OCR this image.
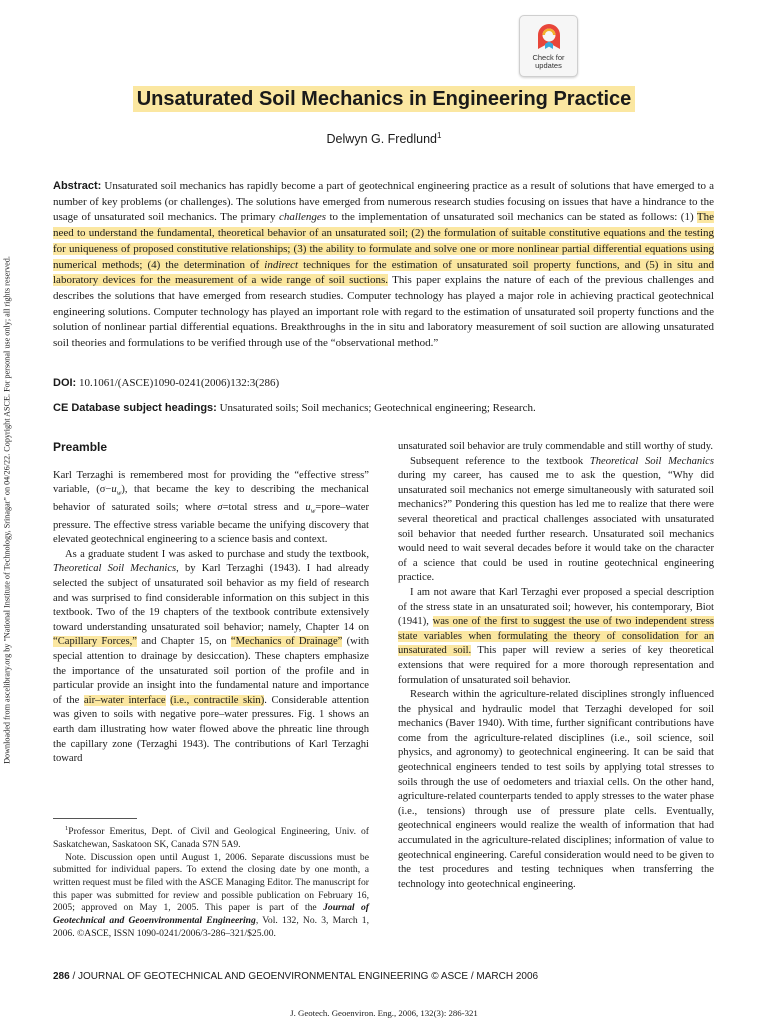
Check for
updates
Downloaded from ascelibrary.org by "National Institute of Technology, Srinagar" on 04/26/22. Copyright ASCE. For personal use only; all rights reserved.
Unsaturated Soil Mechanics in Engineering Practice
Delwyn G. Fredlund$^1$
Abstract: Unsaturated soil mechanics has rapidly become a part of geotechnical engineering practice as a result of solutions that have emerged to a number of key problems (or challenges). The solutions have emerged from numerous research studies focusing on issues that have a hindrance to the usage of unsaturated soil mechanics. The primary challenges to the implementation of unsaturated soil mechanics can be stated as follows: (1) The need to understand the fundamental, theoretical behavior of an unsaturated soil; (2) the formulation of suitable constitutive equations and the testing for uniqueness of proposed constitutive relationships; (3) the ability to formulate and solve one or more nonlinear partial differential equations using numerical methods; (4) the determination of indirect techniques for the estimation of unsaturated soil property functions, and (5) in situ and laboratory devices for the measurement of a wide range of soil suctions. This paper explains the nature of each of the previous challenges and describes the solutions that have emerged from research studies. Computer technology has played a major role in achieving practical geotechnical engineering solutions. Computer technology has played an important role with regard to the estimation of unsaturated soil property functions and the solution of nonlinear partial differential equations. Breakthroughs in the in situ and laboratory measurement of soil suction are allowing unsaturated soil theories and formulations to be verified through use of the “observational method.”
DOI: 10.1061/(ASCE)1090-0241(2006)132:3(286)
CE Database subject headings: Unsaturated soils; Soil mechanics; Geotechnical engineering; Research.
Preamble

Karl Terzaghi is remembered most for providing the “effective stress” variable, $(\sigma-u_w)$, that became the key to describing the mechanical behavior of saturated soils; where σ=total stress and $u_w=pore$–water pressure. The effective stress variable became the unifying discovery that elevated geotechnical engineering to a science basis and context.

As a graduate student I was asked to purchase and study the textbook, Theoretical Soil Mechanics, by Karl Terzaghi (1943). I had already selected the subject of unsaturated soil behavior as my field of research and was surprised to find considerable information on this subject in this textbook. Two of the 19 chapters of the textbook contribute extensively toward understanding unsaturated soil behavior; namely, Chapter 14 on “Capillary Forces,” and Chapter 15, on “Mechanics of Drainage” (with special attention to drainage by desiccation). These chapters emphasize the importance of the unsaturated soil portion of the profile and in particular provide an insight into the fundamental nature and importance of the air–water interface (i.e., contractile skin). Considerable attention was given to soils with negative pore–water pressures. Fig. 1 shows an earth dam illustrating how water flowed above the phreatic line through the capillary zone (Terzaghi 1943). The contributions of Karl Terzaghi toward

$^1$Professor Emeritus, Dept. of Civil and Geological Engineering, Univ. of Saskatchewan, Saskatoon SK, Canada S7N 5A9.

Note. Discussion open until August 1, 2006. Separate discussions must be submitted for individual papers. To extend the closing date by one month, a written request must be filed with the ASCE Managing Editor. The manuscript for this paper was submitted for review and possible publication on February 16, 2005; approved on May 1, 2005. This paper is part of the Journal of Geotechnical and Geoenvironmental Engineering, Vol. 132, No. 3, March 1, 2006. ©ASCE, ISSN 1090-0241/2006/3-286–321/$25.00.

unsaturated soil behavior are truly commendable and still worthy of study.

Subsequent reference to the textbook Theoretical Soil Mechanics during my career, has caused me to ask the question, “Why did unsaturated soil mechanics not emerge simultaneously with saturated soil mechanics?” Pondering this question has led me to realize that there were several theoretical and practical challenges associated with unsaturated soil behavior that needed further research. Unsaturated soil mechanics would need to wait several decades before it would take on the character of a science that could be used in routine geotechnical engineering practice.

I am not aware that Karl Terzaghi ever proposed a special description of the stress state in an unsaturated soil; however, his contemporary, Biot (1941), was one of the first to suggest the use of two independent stress state variables when formulating the theory of consolidation for an unsaturated soil. This paper will review a series of key theoretical extensions that were required for a more thorough representation and formulation of unsaturated soil behavior.

Research within the agriculture-related disciplines strongly influenced the physical and hydraulic model that Terzaghi developed for soil mechanics (Baver 1940). With time, further significant contributions have come from the agriculture-related disciplines (i.e., soil science, soil physics, and agronomy) to geotechnical engineering. It can be said that geotechnical engineers tended to test soils by applying total stresses to soils through the use of oedometers and triaxial cells. On the other hand, agriculture-related counterparts tended to apply stresses to the water phase (i.e., tensions) through use of pressure plate cells. Eventually, geotechnical engineers would realize the wealth of information that had accumulated in the agriculture-related disciplines; information of value to geotechnical engineering. Careful consideration would need to be given to the test procedures and testing techniques when transferring the technology into geotechnical engineering.

286 / JOURNAL OF GEOTECHNICAL AND GEOENVIRONMENTAL ENGINEERING © ASCE / MARCH 2006
J. Geotech. Geoenviron. Eng., 2006, 132(3): 286-321
